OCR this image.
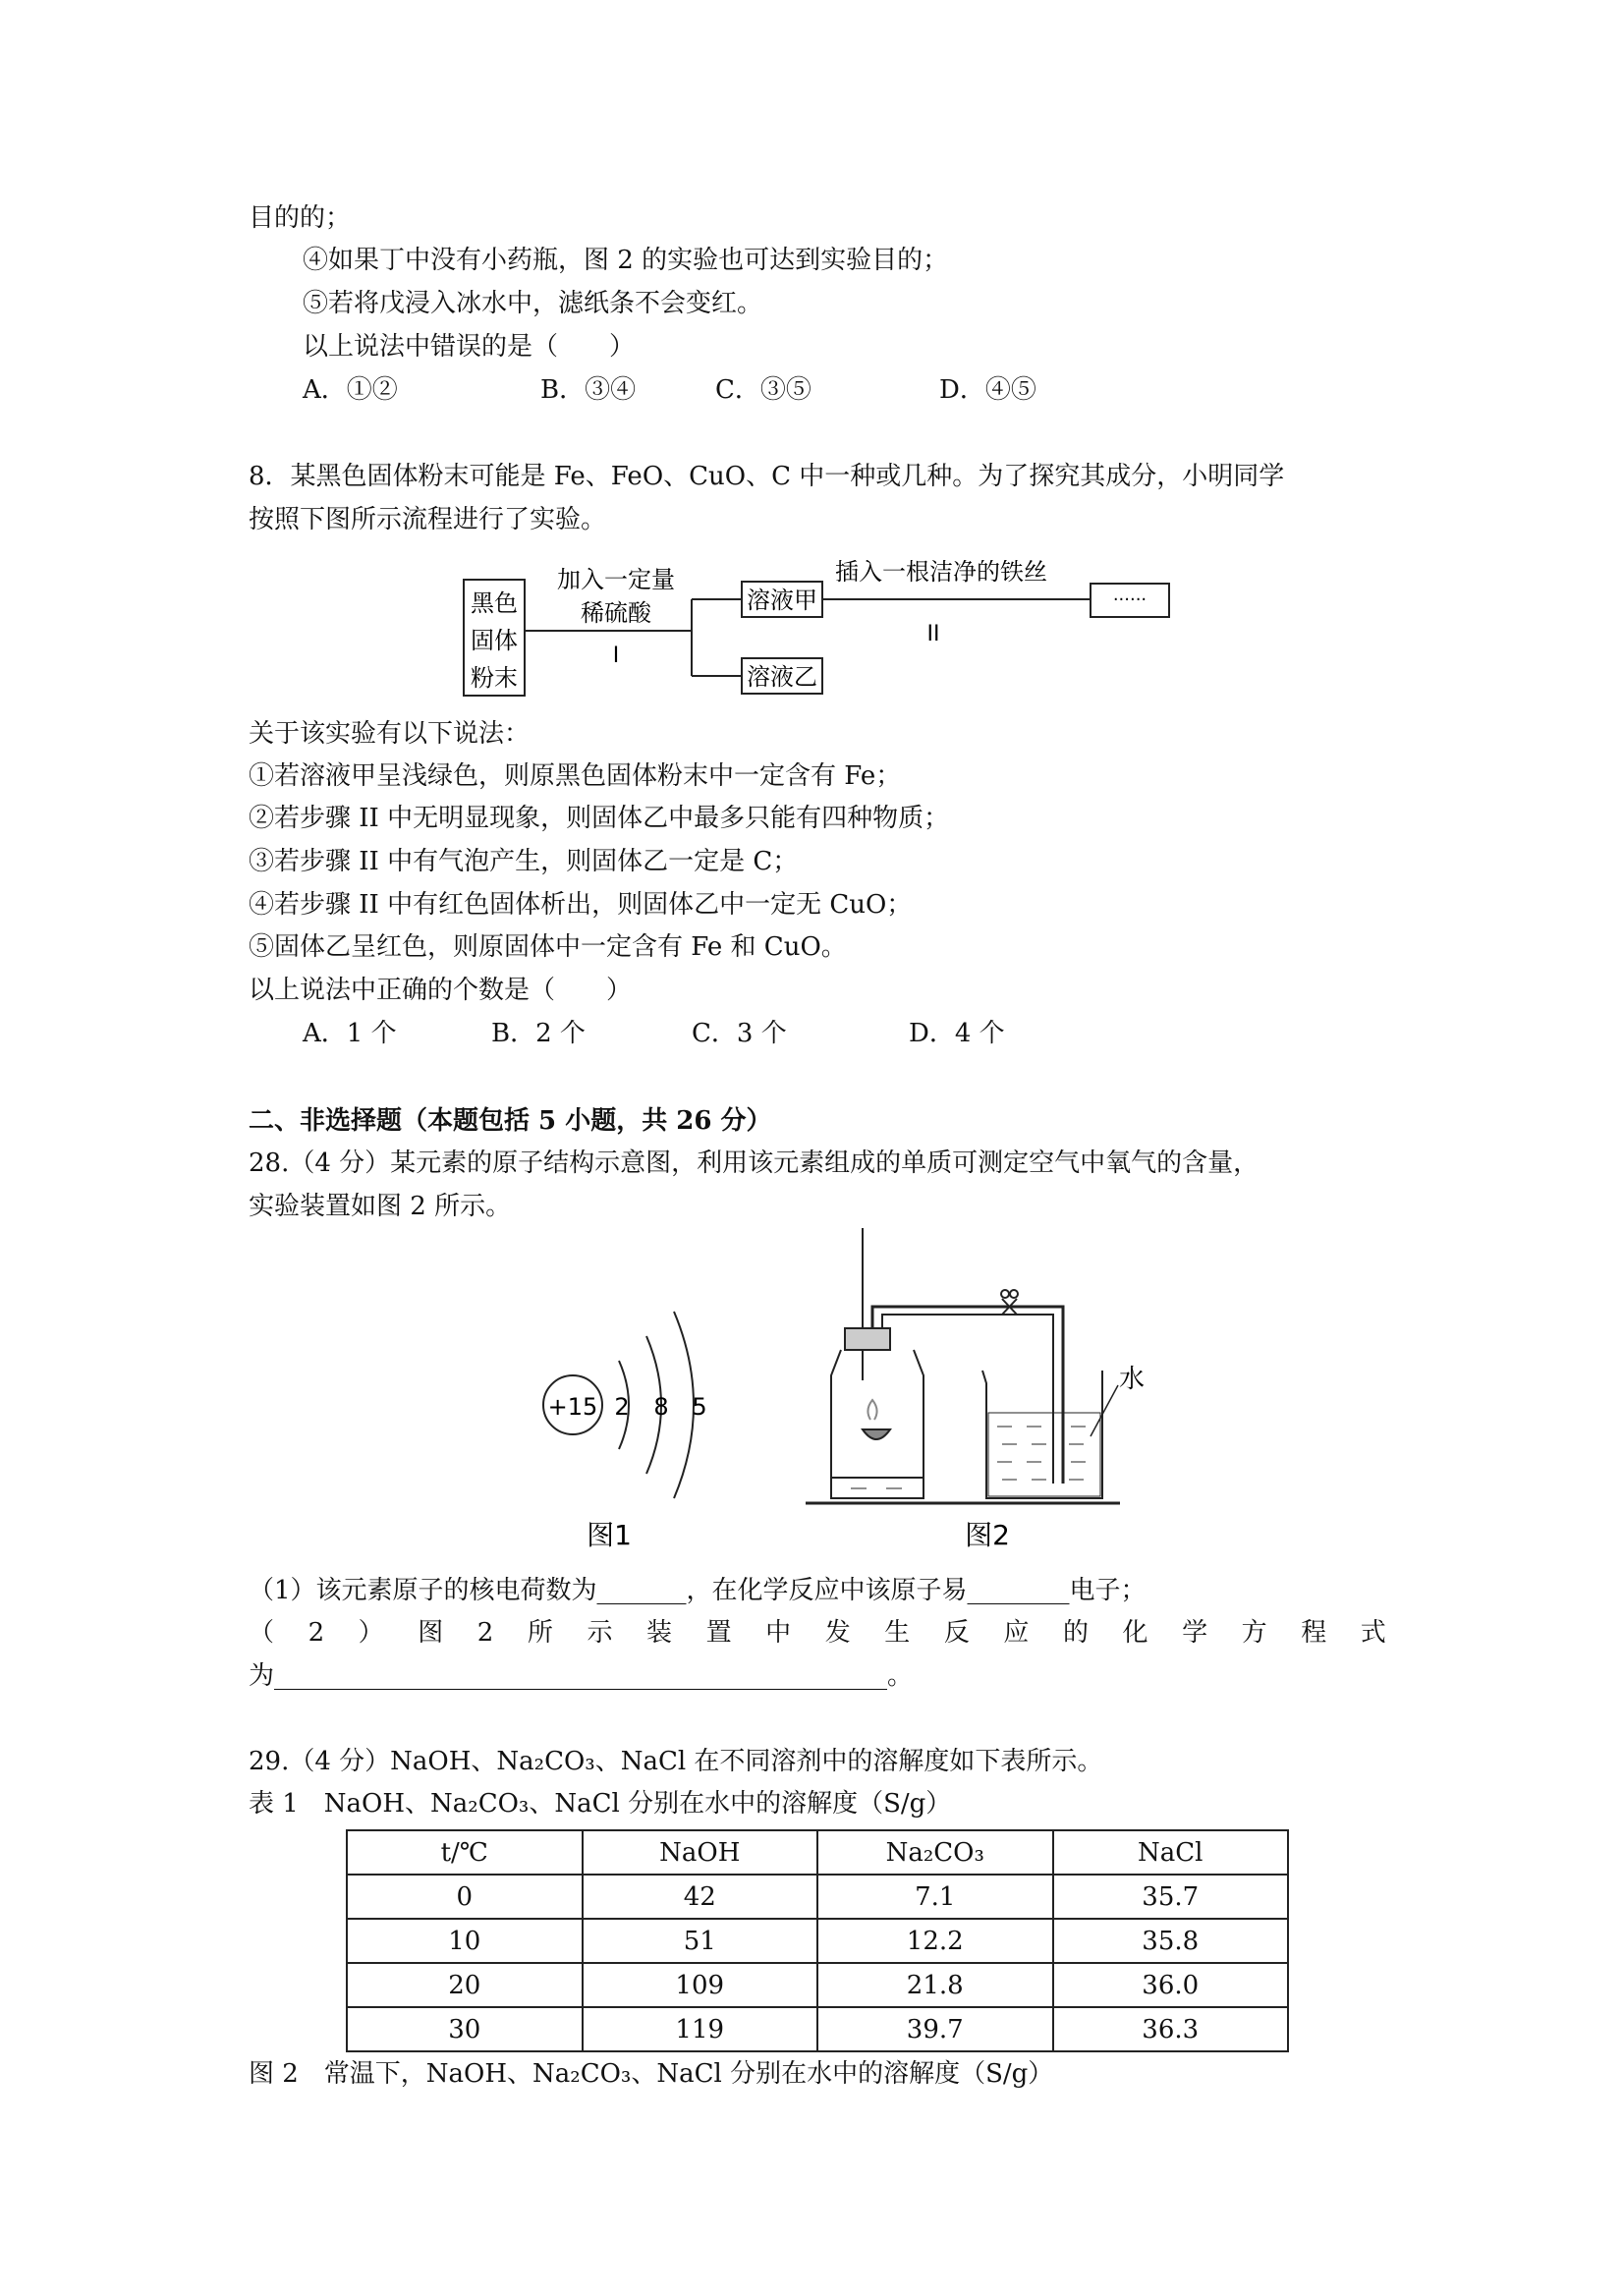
目的的；
④如果丁中没有小药瓶，图 2 的实验也可达到实验目的；
⑤若将戊浸入冰水中，滤纸条不会变红。
以上说法中错误的是（　　）
A．①②	B．③④	C．③⑤	D．④⑤
8．某黑色固体粉末可能是 Fe、FeO、CuO、C 中一种或几种。为了探究其成分，小明同学
按照下图所示流程进行了实验。
黑色
固体
粉末
加入一定量
稀硫酸
I
溶液甲
溶液乙
插入一根洁净的铁丝
II
······
关于该实验有以下说法：
①若溶液甲呈浅绿色，则原黑色固体粉末中一定含有 Fe；
②若步骤 II 中无明显现象，则固体乙中最多只能有四种物质；
③若步骤 II 中有气泡产生，则固体乙一定是 C；
④若步骤 II 中有红色固体析出，则固体乙中一定无 CuO；
⑤固体乙呈红色，则原固体中一定含有 Fe 和 CuO。
以上说法中正确的个数是（　　）
A．1 个	B．2 个	C．3 个	D．4 个
二、非选择题（本题包括 5 小题，共 26 分）
28.（4 分）某元素的原子结构示意图，利用该元素组成的单质可测定空气中氧气的含量，
实验装置如图 2 所示。
+15 2 8 5
图1
水
图2
（1）该元素原子的核电荷数为_______，在化学反应中该原子易________电子；
（ 2 ） 图 2 所 示 装 置 中 发 生 反 应 的 化 学 方 程 式
为________________________________________________。
29.（4 分）NaOH、Na₂CO₃、NaCl 在不同溶剂中的溶解度如下表所示。
表 1　NaOH、Na₂CO₃、NaCl 分别在水中的溶解度（S/g）
t/℃	NaOH	Na₂CO₃	NaCl
0	42	7.1	35.7
10	51	12.2	35.8
20	109	21.8	36.0
30	119	39.7	36.3
图 2　常温下，NaOH、Na₂CO₃、NaCl 分别在水中的溶解度（S/g）
